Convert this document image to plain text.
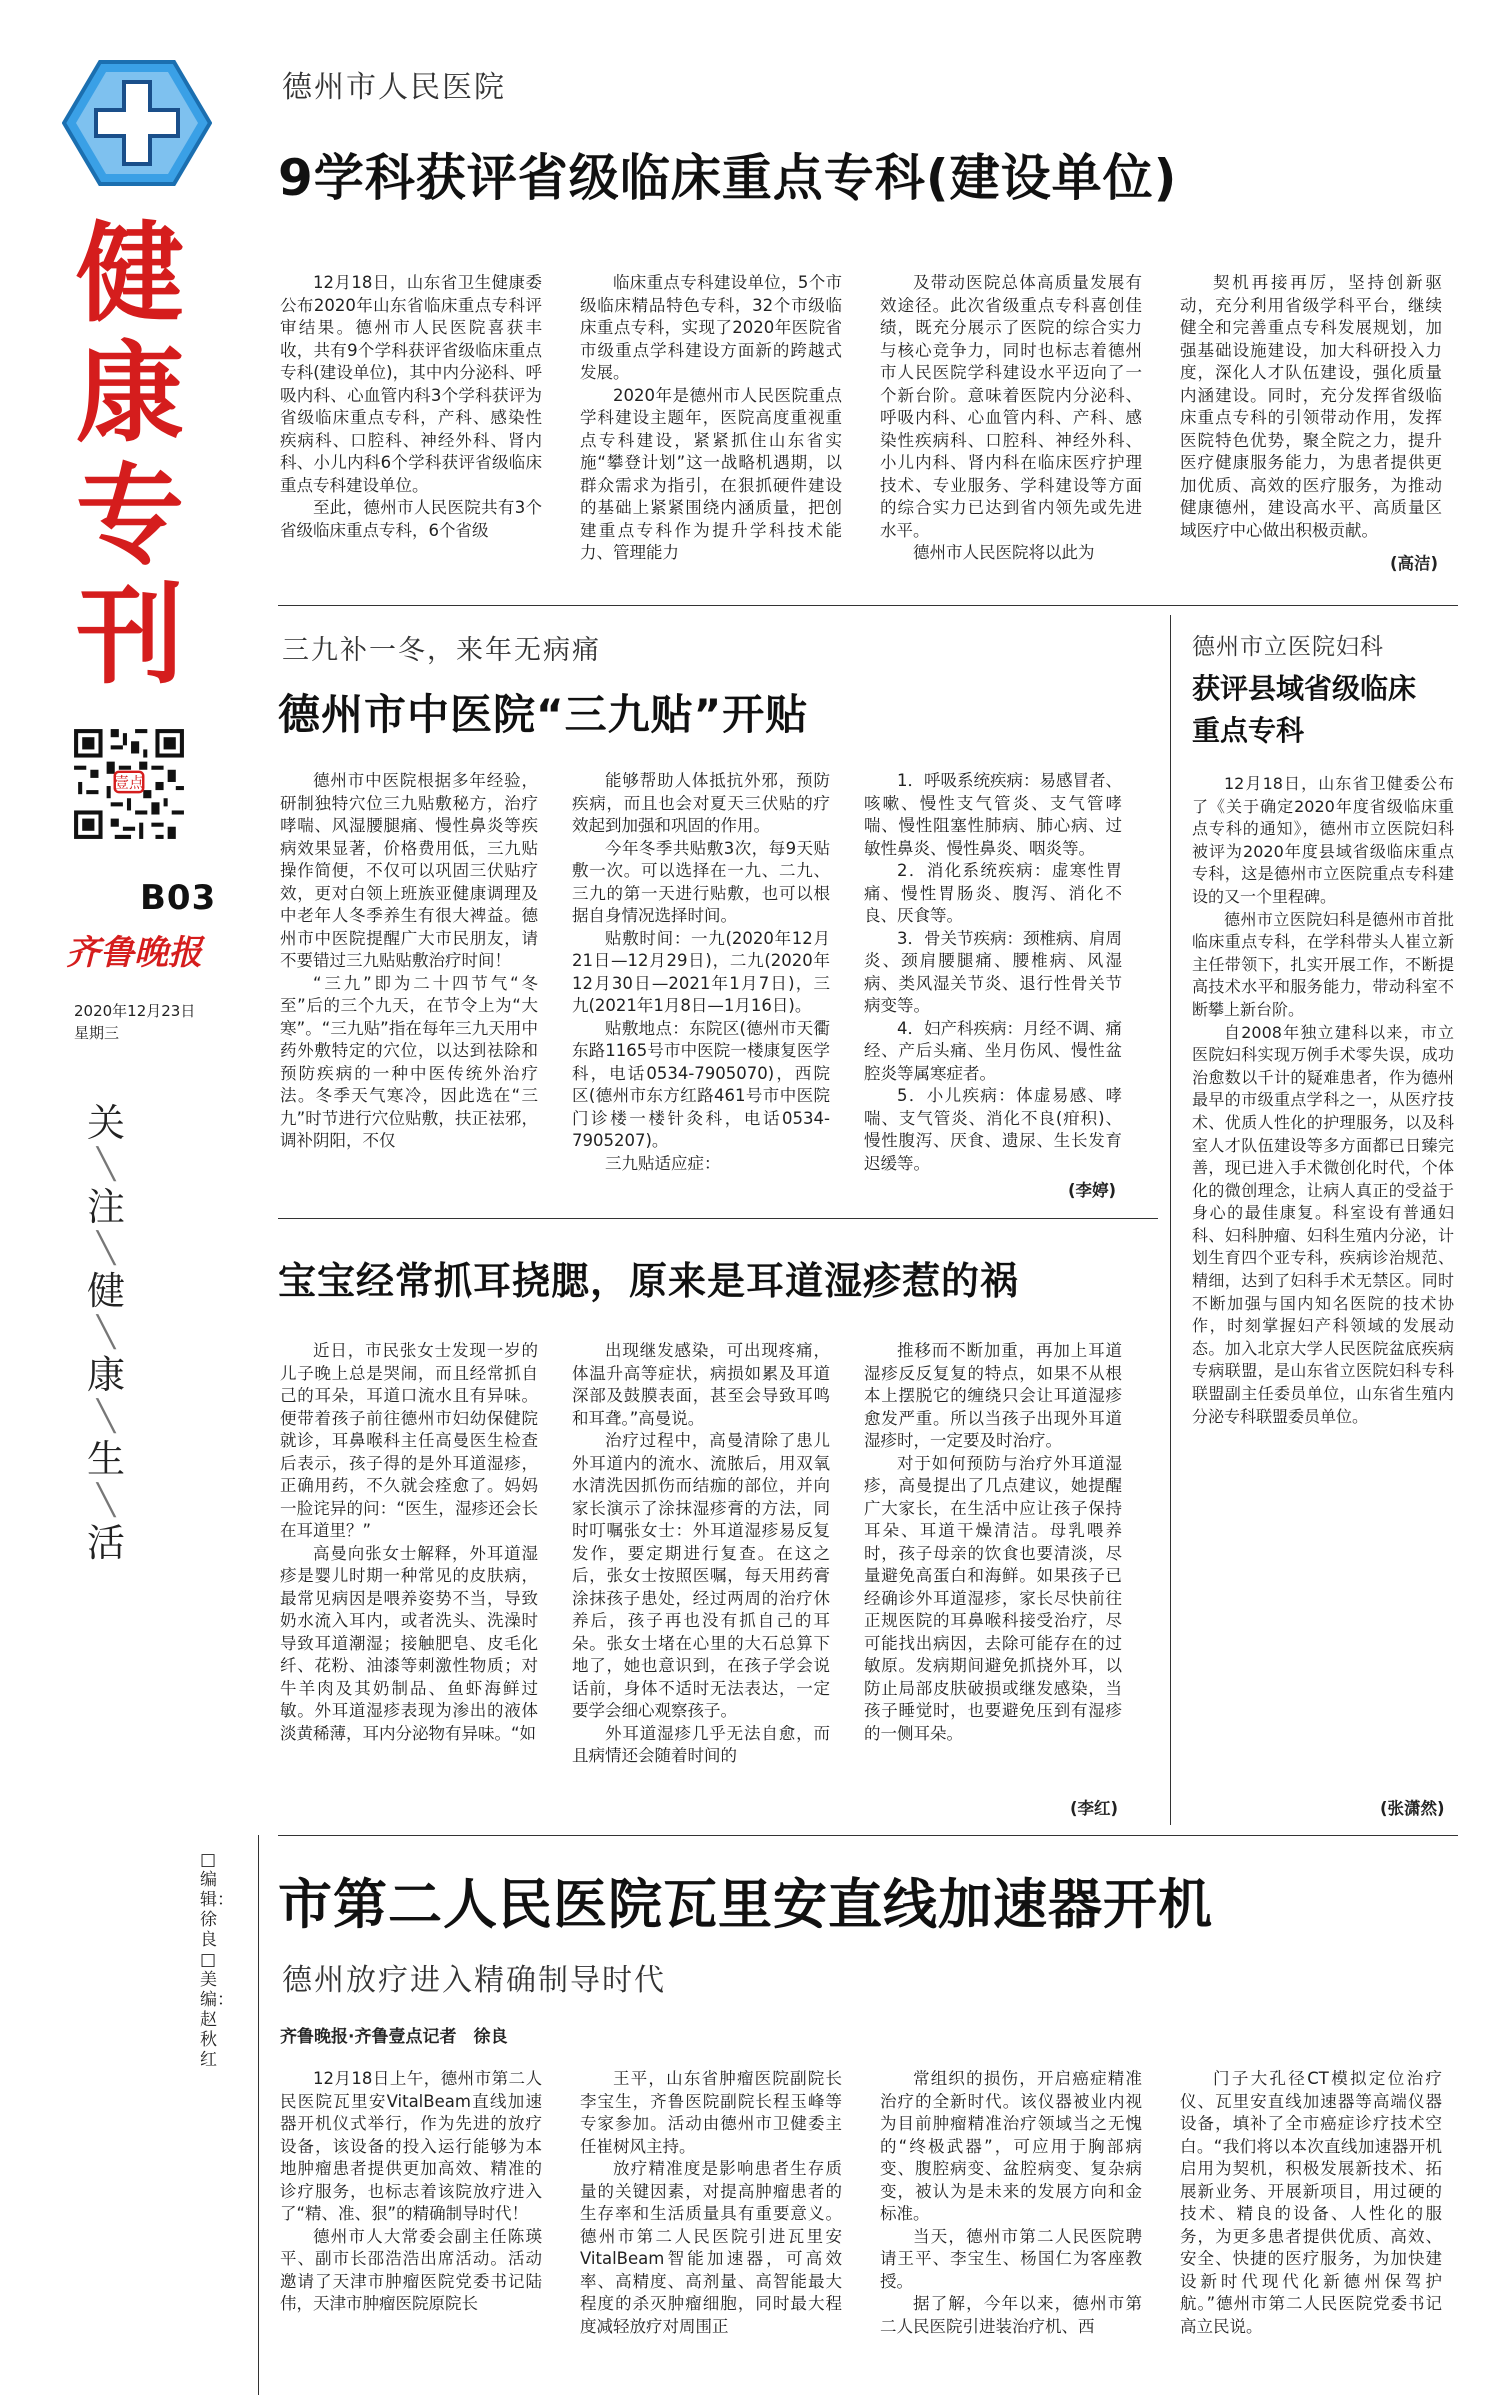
健
康
专
刊
壹点
B03
齐鲁晚报
2020年12月23日
星期三
关
╲
注
╲
健
╲
康
╲
生
╲
活
□编辑：徐良 □美编：赵秋红
德州市人民医院
9学科获评省级临床重点专科(建设单位)

12月18日，山东省卫生健康委公布2020年山东省临床重点专科评审结果。德州市人民医院喜获丰收，共有9个学科获评省级临床重点专科(建设单位)，其中内分泌科、呼吸内科、心血管内科3个学科获评为省级临床重点专科，产科、感染性疾病科、口腔科、神经外科、肾内科、小儿内科6个学科获评省级临床重点专科建设单位。
至此，德州市人民医院共有3个省级临床重点专科，6个省级

临床重点专科建设单位，5个市级临床精品特色专科，32个市级临床重点专科，实现了2020年医院省市级重点学科建设方面新的跨越式发展。
2020年是德州市人民医院重点学科建设主题年，医院高度重视重点专科建设，紧紧抓住山东省实施“攀登计划”这一战略机遇期，以群众需求为指引，在狠抓硬件建设的基础上紧紧围绕内涵质量，把创建重点专科作为提升学科技术能力、管理能力

及带动医院总体高质量发展有效途径。此次省级重点专科喜创佳绩，既充分展示了医院的综合实力与核心竞争力，同时也标志着德州市人民医院学科建设水平迈向了一个新台阶。意味着医院内分泌科、呼吸内科、心血管内科、产科、感染性疾病科、口腔科、神经外科、小儿内科、肾内科在临床医疗护理技术、专业服务、学科建设等方面的综合实力已达到省内领先或先进水平。
德州市人民医院将以此为

契机再接再厉，坚持创新驱动，充分利用省级学科平台，继续健全和完善重点专科发展规划，加强基础设施建设，加大科研投入力度，深化人才队伍建设，强化质量内涵建设。同时，充分发挥省级临床重点专科的引领带动作用，发挥医院特色优势，聚全院之力，提升医疗健康服务能力，为患者提供更加优质、高效的医疗服务，为推动健康德州，建设高水平、高质量区域医疗中心做出积极贡献。

(高洁)
三九补一冬，来年无病痛
德州市中医院“三九贴”开贴

德州市中医院根据多年经验，研制独特穴位三九贴敷秘方，治疗哮喘、风湿腰腿痛、慢性鼻炎等疾病效果显著，价格费用低，三九贴操作简便，不仅可以巩固三伏贴疗效，更对白领上班族亚健康调理及中老年人冬季养生有很大裨益。德州市中医院提醒广大市民朋友，请不要错过三九贴贴敷治疗时间！
“三九”即为二十四节气“冬至”后的三个九天，在节令上为“大寒”。“三九贴”指在每年三九天用中药外敷特定的穴位，以达到祛除和预防疾病的一种中医传统外治疗法。冬季天气寒冷，因此选在“三九”时节进行穴位贴敷，扶正祛邪，调补阴阳，不仅

能够帮助人体抵抗外邪，预防疾病，而且也会对夏天三伏贴的疗效起到加强和巩固的作用。
今年冬季共贴敷3次，每9天贴敷一次。可以选择在一九、二九、三九的第一天进行贴敷，也可以根据自身情况选择时间。
贴敷时间：一九(2020年12月21日—12月29日)，二九(2020年12月30日—2021年1月7日)，三九(2021年1月8日—1月16日)。
贴敷地点：东院区(德州市天衢东路1165号市中医院一楼康复医学科，电话0534-7905070)，西院区(德州市东方红路461号市中医院门诊楼一楼针灸科，电话0534-7905207)。
三九贴适应症：

1．呼吸系统疾病：易感冒者、咳嗽、慢性支气管炎、支气管哮喘、慢性阻塞性肺病、肺心病、过敏性鼻炎、慢性鼻炎、咽炎等。
2．消化系统疾病：虚寒性胃痛、慢性胃肠炎、腹泻、消化不良、厌食等。
3．骨关节疾病：颈椎病、肩周炎、颈肩腰腿痛、腰椎病、风湿病、类风湿关节炎、退行性骨关节病变等。
4．妇产科疾病：月经不调、痛经、产后头痛、坐月伤风、慢性盆腔炎等属寒症者。
5．小儿疾病：体虚易感、哮喘、支气管炎、消化不良(疳积)、慢性腹泻、厌食、遗尿、生长发育迟缓等。

(李婷)
德州市立医院妇科
获评县域省级临床
重点专科

12月18日，山东省卫健委公布了《关于确定2020年度省级临床重点专科的通知》，德州市立医院妇科被评为2020年度县域省级临床重点专科，这是德州市立医院重点专科建设的又一个里程碑。
德州市立医院妇科是德州市首批临床重点专科，在学科带头人崔立新主任带领下，扎实开展工作，不断提高技术水平和服务能力，带动科室不断攀上新台阶。
自2008年独立建科以来，市立医院妇科实现万例手术零失误，成功治愈数以千计的疑难患者，作为德州最早的市级重点学科之一，从医疗技术、优质人性化的护理服务，以及科室人才队伍建设等多方面都已日臻完善，现已进入手术微创化时代，个体化的微创理念，让病人真正的受益于身心的最佳康复。科室设有普通妇科、妇科肿瘤、妇科生殖内分泌，计划生育四个亚专科，疾病诊治规范、精细，达到了妇科手术无禁区。同时不断加强与国内知名医院的技术协作，时刻掌握妇产科领域的发展动态。加入北京大学人民医院盆底疾病专病联盟，是山东省立医院妇科专科联盟副主任委员单位，山东省生殖内分泌专科联盟委员单位。

(张潇然)
宝宝经常抓耳挠腮，原来是耳道湿疹惹的祸

近日，市民张女士发现一岁的儿子晚上总是哭闹，而且经常抓自己的耳朵，耳道口流水且有异味。便带着孩子前往德州市妇幼保健院就诊，耳鼻喉科主任高曼医生检查后表示，孩子得的是外耳道湿疹，正确用药，不久就会痊愈了。妈妈一脸诧异的问：“医生，湿疹还会长在耳道里？”
高曼向张女士解释，外耳道湿疹是婴儿时期一种常见的皮肤病，最常见病因是喂养姿势不当，导致奶水流入耳内，或者洗头、洗澡时导致耳道潮湿；接触肥皂、皮毛化纤、花粉、油漆等刺激性物质；对牛羊肉及其奶制品、鱼虾海鲜过敏。外耳道湿疹表现为渗出的液体淡黄稀薄，耳内分泌物有异味。“如

出现继发感染，可出现疼痛，体温升高等症状，病损如累及耳道深部及鼓膜表面，甚至会导致耳鸣和耳聋。”高曼说。
治疗过程中，高曼清除了患儿外耳道内的流水、流脓后，用双氧水清洗因抓伤而结痂的部位，并向家长演示了涂抹湿疹膏的方法，同时叮嘱张女士：外耳道湿疹易反复发作，要定期进行复查。在这之后，张女士按照医嘱，每天用药膏涂抹孩子患处，经过两周的治疗休养后，孩子再也没有抓自己的耳朵。张女士堵在心里的大石总算下地了，她也意识到，在孩子学会说话前，身体不适时无法表达，一定要学会细心观察孩子。
外耳道湿疹几乎无法自愈，而且病情还会随着时间的

推移而不断加重，再加上耳道湿疹反反复复的特点，如果不从根本上摆脱它的缠绕只会让耳道湿疹愈发严重。所以当孩子出现外耳道湿疹时，一定要及时治疗。
对于如何预防与治疗外耳道湿疹，高曼提出了几点建议，她提醒广大家长，在生活中应让孩子保持耳朵、耳道干燥清洁。母乳喂养时，孩子母亲的饮食也要清淡，尽量避免高蛋白和海鲜。如果孩子已经确诊外耳道湿疹，家长尽快前往正规医院的耳鼻喉科接受治疗，尽可能找出病因，去除可能存在的过敏原。发病期间避免抓挠外耳，以防止局部皮肤破损或继发感染，当孩子睡觉时，也要避免压到有湿疹的一侧耳朵。

(李红)
市第二人民医院瓦里安直线加速器开机
德州放疗进入精确制导时代
齐鲁晚报·齐鲁壹点记者　徐良

12月18日上午，德州市第二人民医院瓦里安VitalBeam直线加速器开机仪式举行，作为先进的放疗设备，该设备的投入运行能够为本地肿瘤患者提供更加高效、精准的诊疗服务，也标志着该院放疗进入了“精、准、狠”的精确制导时代！
德州市人大常委会副主任陈瑛平、副市长邵浩浩出席活动。活动邀请了天津市肿瘤医院党委书记陆伟，天津市肿瘤医院原院长

王平，山东省肿瘤医院副院长李宝生，齐鲁医院副院长程玉峰等专家参加。活动由德州市卫健委主任崔树风主持。
放疗精准度是影响患者生存质量的关键因素，对提高肿瘤患者的生存率和生活质量具有重要意义。德州市第二人民医院引进瓦里安VitalBeam智能加速器，可高效率、高精度、高剂量、高智能最大程度的杀灭肿瘤细胞，同时最大程度减轻放疗对周围正

常组织的损伤，开启癌症精准治疗的全新时代。该仪器被业内视为目前肿瘤精准治疗领域当之无愧的“终极武器”，可应用于胸部病变、腹腔病变、盆腔病变、复杂病变，被认为是未来的发展方向和金标准。
当天，德州市第二人民医院聘请王平、李宝生、杨国仁为客座教授。
据了解，今年以来，德州市第二人民医院引进装治疗机、西

门子大孔径CT模拟定位治疗仪、瓦里安直线加速器等高端仪器设备，填补了全市癌症诊疗技术空白。“我们将以本次直线加速器开机启用为契机，积极发展新技术、拓展新业务、开展新项目，用过硬的技术、精良的设备、人性化的服务，为更多患者提供优质、高效、安全、快捷的医疗服务，为加快建设新时代现代化新德州保驾护航。”德州市第二人民医院党委书记高立民说。
